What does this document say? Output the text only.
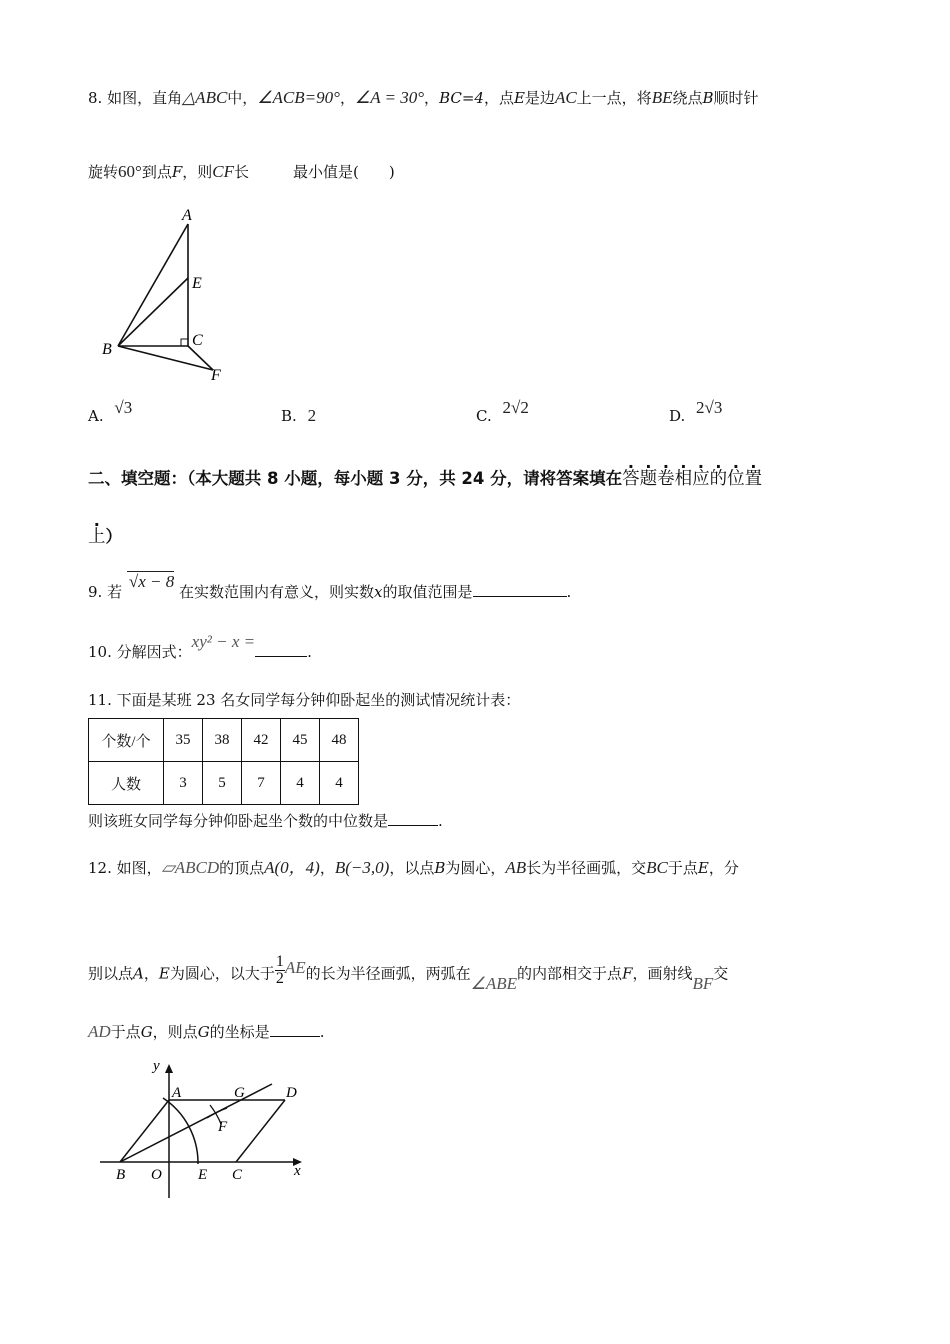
8. 如图，直角△ABC中，∠ACB=90°，∠A = 30°，BC=4，点E是边AC上一点，将BE绕点B顺时针
旋转60°到点F，则CF长	最小值是(　　)
A
E
B
C
F
A. √3	B. 2	C. 2√2	D. 2√3
二、填空题：（本大题共 8 小题，每小题 3 分，共 24 分，请将答案填在答题卷相应的位置
上）
9. 若 √x − 8 在实数范围内有意义，则实数x的取值范围是	.
10. 分解因式：xy² − x =.
11. 下面是某班 23 名女同学每分钟仰卧起坐的测试情况统计表：
个数/个	35	38	42	45	48
人数	3	5	7	4	4
则该班女同学每分钟仰卧起坐个数的中位数是	.
12. 如图，▱ABCD的顶点A(0，4)，B(−3,0)，以点B为圆心，AB长为半径画弧，交BC于点E，分
别以点A，E为圆心，以大于 $\frac{1}{2}$ AE的长为半径画弧，两弧在∠ABE的内部相交于点F，画射线BF交
AD于点G，则点G的坐标是	.
y
A	G	D
F
B O E C	x
